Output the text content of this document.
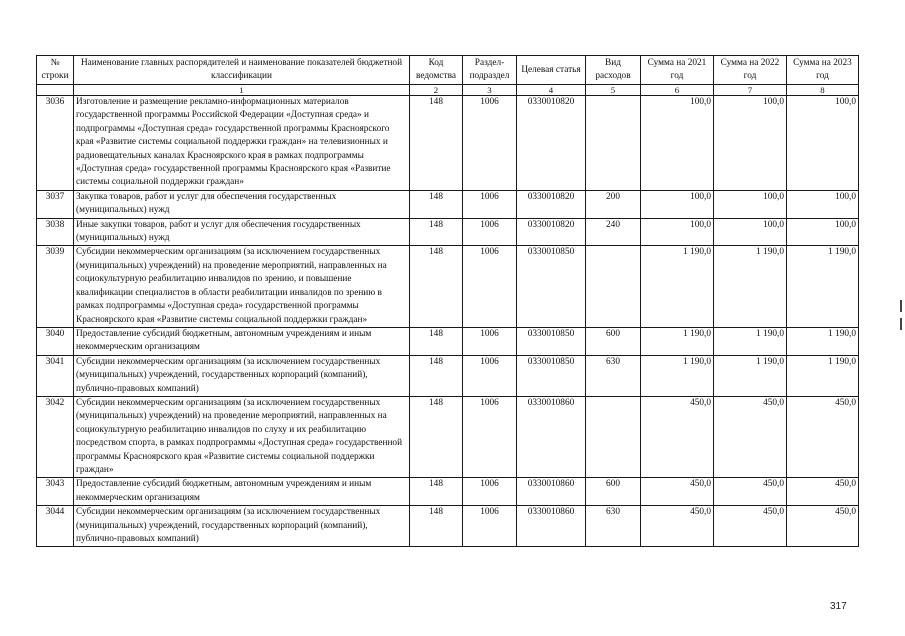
№ строки	Наименование главных распорядителей и наименование показателей бюджетной классификации	Код ведомства	Раздел-подраздел	Целевая статья	Вид расходов	Сумма на 2021 год	Сумма на 2022 год	Сумма на 2023 год
	1	2	3	4	5	6	7	8
3036	Изготовление и размещение рекламно-информационных материалов государственной программы Российской Федерации «Доступная среда» и подпрограммы «Доступная среда» государственной программы Красноярского края «Развитие системы социальной поддержки граждан» на телевизионных и радиовещательных каналах Красноярского края в рамках подпрограммы «Доступная среда» государственной программы Красноярского края «Развитие системы социальной поддержки граждан»	148	1006	0330010820		100,0	100,0	100,0
3037	Закупка товаров, работ и услуг для обеспечения государственных (муниципальных) нужд	148	1006	0330010820	200	100,0	100,0	100,0
3038	Иные закупки товаров, работ и услуг для обеспечения государственных (муниципальных) нужд	148	1006	0330010820	240	100,0	100,0	100,0
3039	Субсидии некоммерческим организациям (за исключением государственных (муниципальных) учреждений) на проведение мероприятий, направленных на социокультурную реабилитацию инвалидов по зрению, и повышение квалификации специалистов в области реабилитации инвалидов по зрению в рамках подпрограммы «Доступная среда» государственной программы Красноярского края «Развитие системы социальной поддержки граждан»	148	1006	0330010850		1 190,0	1 190,0	1 190,0
3040	Предоставление субсидий бюджетным, автономным учреждениям и иным некоммерческим организациям	148	1006	0330010850	600	1 190,0	1 190,0	1 190,0
3041	Субсидии некоммерческим организациям (за исключением государственных (муниципальных) учреждений, государственных корпораций (компаний), публично-правовых компаний)	148	1006	0330010850	630	1 190,0	1 190,0	1 190,0
3042	Субсидии некоммерческим организациям (за исключением государственных (муниципальных) учреждений) на проведение мероприятий, направленных на социокультурную реабилитацию инвалидов по слуху и их реабилитацию посредством спорта, в рамках подпрограммы «Доступная среда» государственной программы Красноярского края «Развитие системы социальной поддержки граждан»	148	1006	0330010860		450,0	450,0	450,0
3043	Предоставление субсидий бюджетным, автономным учреждениям и иным некоммерческим организациям	148	1006	0330010860	600	450,0	450,0	450,0
3044	Субсидии некоммерческим организациям (за исключением государственных (муниципальных) учреждений, государственных корпораций (компаний), публично-правовых компаний)	148	1006	0330010860	630	450,0	450,0	450,0
317
